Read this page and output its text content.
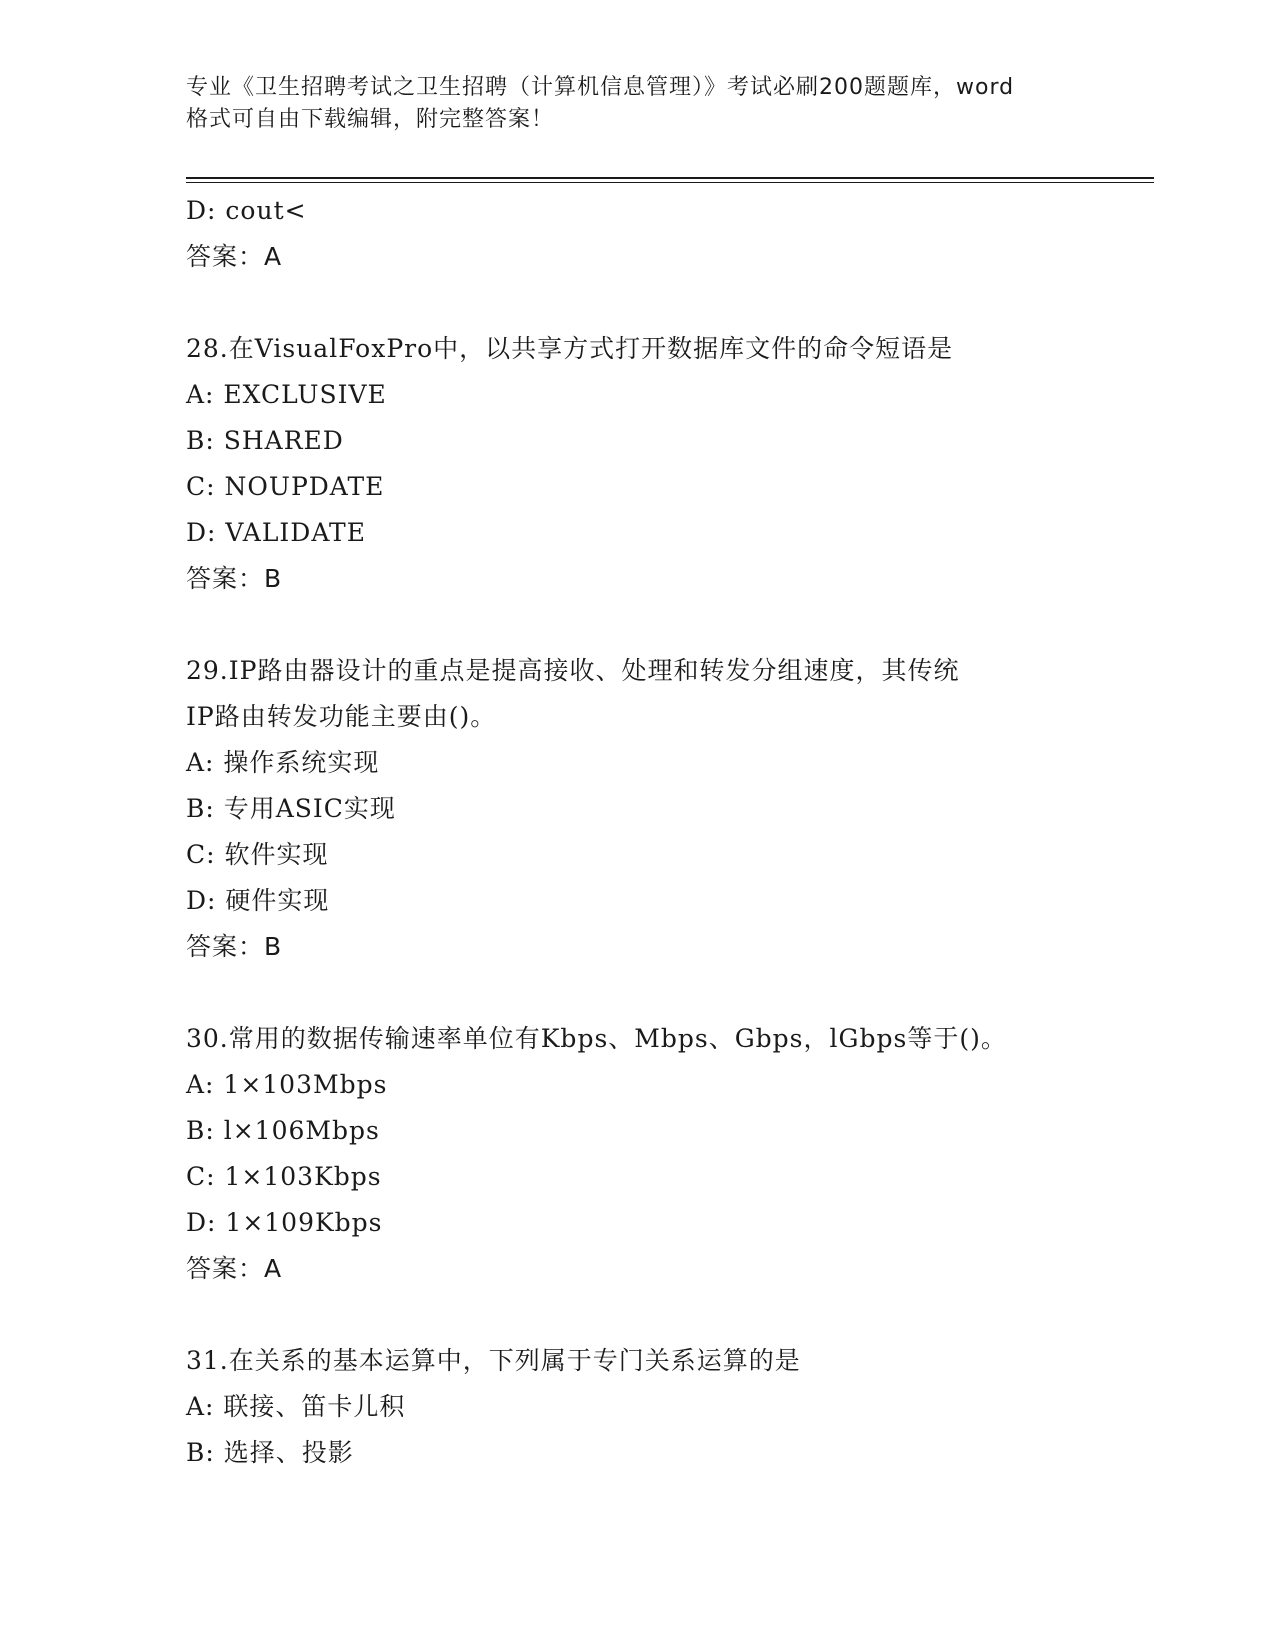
专业《卫生招聘考试之卫生招聘（计算机信息管理）》考试必刷200题题库，word
格式可自由下载编辑，附完整答案！
D: cout<
答案：A
28.在VisualFoxPro中，以共享方式打开数据库文件的命令短语是
A: EXCLUSIVE
B: SHARED
C: NOUPDATE
D: VALIDATE
答案：B
29.IP路由器设计的重点是提高接收、处理和转发分组速度，其传统
IP路由转发功能主要由()。
A: 操作系统实现
B: 专用ASIC实现
C: 软件实现
D: 硬件实现
答案：B
30.常用的数据传输速率单位有Kbps、Mbps、Gbps，lGbps等于()。
A: 1×103Mbps
B: l×106Mbps
C: 1×103Kbps
D: 1×109Kbps
答案：A
31.在关系的基本运算中，下列属于专门关系运算的是
A: 联接、笛卡儿积
B: 选择、投影
